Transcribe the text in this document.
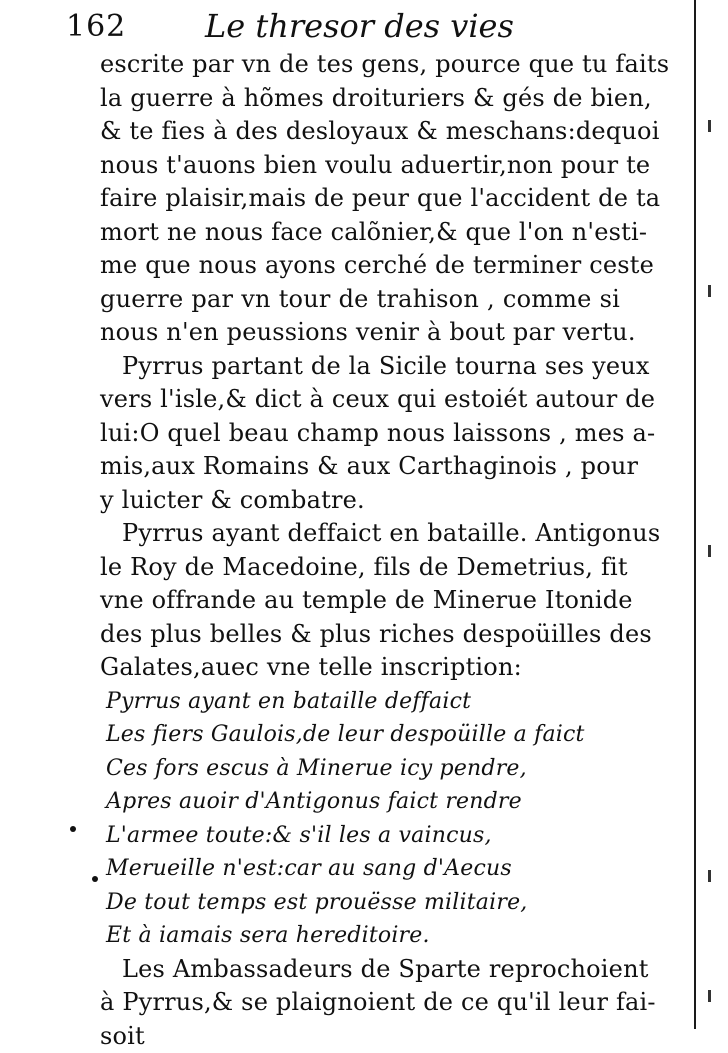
162 Le thresor des vies
escrite par vn de tes gens, pource que tu faits
la guerre à hõmes droituriers & gés de bien,
& te fies à des desloyaux & meschans:dequoi
nous t'auons bien voulu aduertir,non pour te
faire plaisir,mais de peur que l'accident de ta
mort ne nous face calõnier,& que l'on n'esti-
me que nous ayons cerché de terminer ceste
guerre par vn tour de trahison , comme si
nous n'en peussions venir à bout par vertu.
Pyrrus partant de la Sicile tourna ses yeux
vers l'isle,& dict à ceux qui estoiét autour de
lui:O quel beau champ nous laissons , mes a-
mis,aux Romains & aux Carthaginois , pour
y luicter & combatre.
Pyrrus ayant deffaict en bataille. Antigonus
le Roy de Macedoine, fils de Demetrius, fit
vne offrande au temple de Minerue Itonide
des plus belles & plus riches despoüilles des
Galates,auec vne telle inscription:
Pyrrus ayant en bataille deffaict
Les fiers Gaulois,de leur despoüille a faict
Ces fors escus à Minerue icy pendre,
Apres auoir d'Antigonus faict rendre
L'armee toute:& s'il les a vaincus,
Merueille n'est:car au sang d'Aecus
De tout temps est prouësse militaire,
Et à iamais sera hereditoire.
Les Ambassadeurs de Sparte reprochoient
à Pyrrus,& se plaignoient de ce qu'il leur fai-
soit
